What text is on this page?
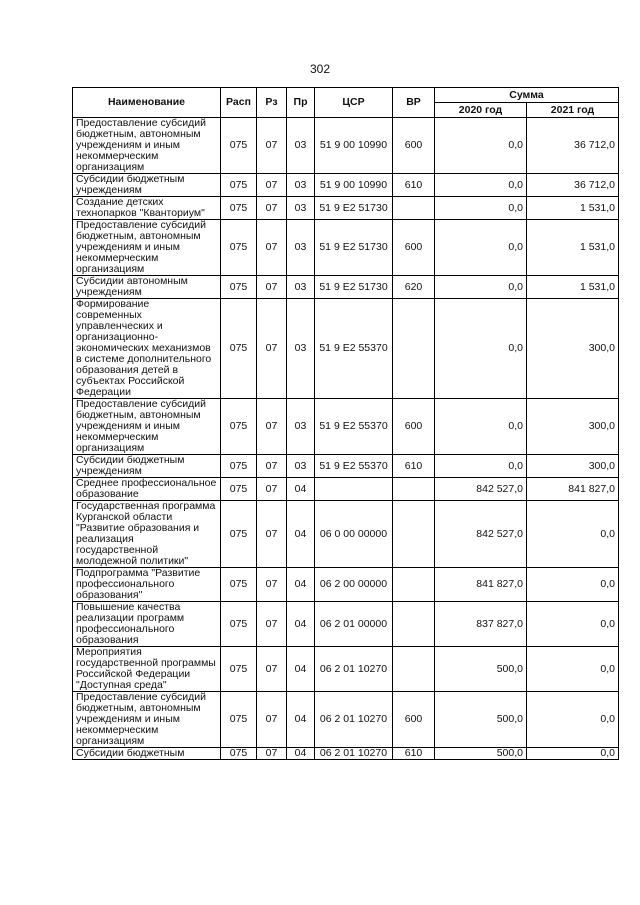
302
Наименование	Расп	Рз	Пр	ЦСР	ВР	Сумма	
						2020 год	2021 год
Предоставление субсидий бюджетным, автономным учреждениям и иным некоммерческим организациям	075	07	03	51 9 00 10990	600	0,0	36 712,0
Субсидии бюджетным учреждениям	075	07	03	51 9 00 10990	610	0,0	36 712,0
Создание детских технопарков "Кванториум"	075	07	03	51 9 E2 51730		0,0	1 531,0
Предоставление субсидий бюджетным, автономным учреждениям и иным некоммерческим организациям	075	07	03	51 9 E2 51730	600	0,0	1 531,0
Субсидии автономным учреждениям	075	07	03	51 9 E2 51730	620	0,0	1 531,0
Формирование современных управленческих и организационно-экономических механизмов в системе дополнительного образования детей в субъектах Российской Федерации	075	07	03	51 9 E2 55370		0,0	300,0
Предоставление субсидий бюджетным, автономным учреждениям и иным некоммерческим организациям	075	07	03	51 9 E2 55370	600	0,0	300,0
Субсидии бюджетным учреждениям	075	07	03	51 9 E2 55370	610	0,0	300,0
Среднее профессиональное образование	075	07	04			842 527,0	841 827,0
Государственная программа Курганской области "Развитие образования и реализация государственной молодежной политики"	075	07	04	06 0 00 00000		842 527,0	0,0
Подпрограмма "Развитие профессионального образования"	075	07	04	06 2 00 00000		841 827,0	0,0
Повышение качества реализации программ профессионального образования	075	07	04	06 2 01 00000		837 827,0	0,0
Мероприятия государственной программы Российской Федерации "Доступная среда"	075	07	04	06 2 01 10270		500,0	0,0
Предоставление субсидий бюджетным, автономным учреждениям и иным некоммерческим организациям	075	07	04	06 2 01 10270	600	500,0	0,0
Субсидии бюджетным	075	07	04	06 2 01 10270	610	500,0	0,0
